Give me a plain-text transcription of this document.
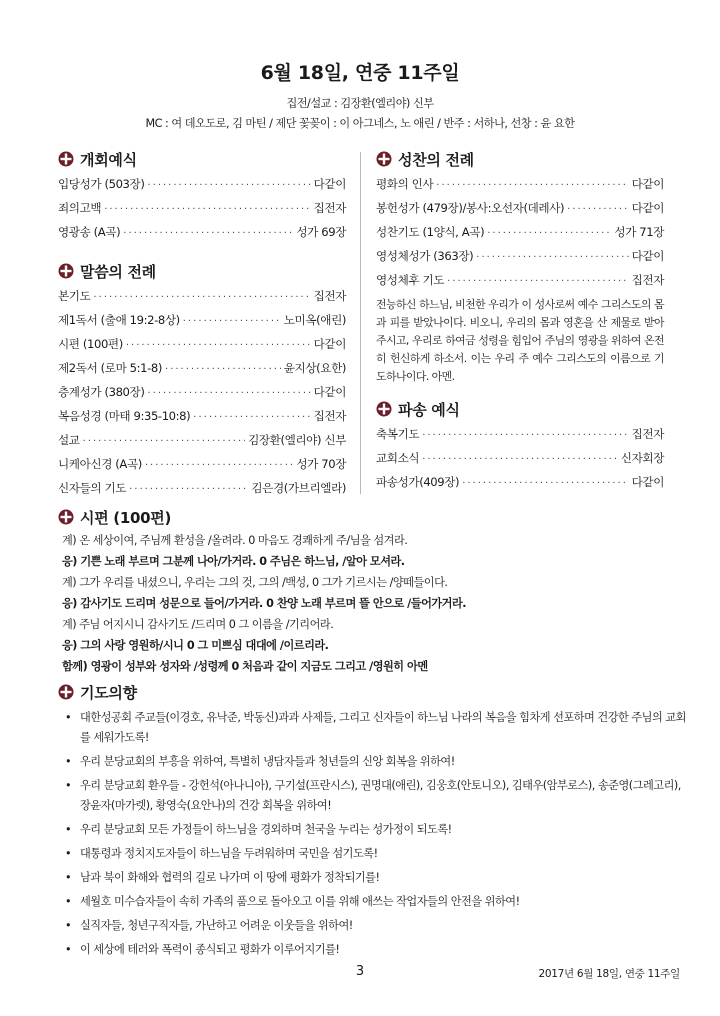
6월 18일, 연중 11주일
집전/설교 : 김장환(엘리야) 신부
MC : 여 데오도로, 김 마틴 / 제단 꽃꽂이 : 이 아그네스, 노 애린 / 반주 : 서하나, 선창 : 윤 요한
개회예식
입당성가 (503장) ·····	다같이
죄의고백 ·····	집전자
영광송 (A곡) ·····	성가 69장
말씀의 전례
본기도 ·····	집전자
제1독서 (출애 19:2-8상) ·····	노미옥(애린)
시편 (100편) ·····	다같이
제2독서 (로마 5:1-8) ·····	윤지상(요한)
층계성가 (380장) ·····	다같이
복음성경 (마태 9:35-10:8) ·····	집전자
설교 ·····	김장환(엘리야) 신부
니케아신경 (A곡) ·····	성가 70장
신자들의 기도 ·····	김은경(가브리엘라)
성찬의 전례
평화의 인사 ·····	다같이
봉헌성가 (479장)/봉사:오선자(데레사) ·····	다같이
성찬기도 (1양식, A곡) ·····	성가 71장
영성체성가 (363장) ·····	다같이
영성체후 기도 ·····	집전자

전능하신 하느님, 비천한 우리가 이 성사로써 예수 그리스도의 몸과 피를 받았나이다. 비오니, 우리의 몸과 영혼을 산 제물로 받아 주시고, 우리로 하여금 성령을 힘입어 주님의 영광을 위하여 온전히 헌신하게 하소서. 이는 우리 주 예수 그리스도의 이름으로 기도하나이다. 아멘.

파송 예식
축복기도 ·····	집전자
교회소식 ·····	신자회장
파송성가(409장) ·····	다같이
시편 (100편)
계) 온 세상이여, 주님께 환성을 /올려라. 0 마음도 경쾌하게 주/님을 섬겨라.
응) 기쁜 노래 부르며 그분께 나아/가거라. 0 주님은 하느님, /알아 모셔라.
계) 그가 우리를 내셨으니, 우리는 그의 것, 그의 /백성, 0 그가 기르시는 /양떼들이다.
응) 감사기도 드리며 성문으로 들어/가거라. 0 찬양 노래 부르며 뜰 안으로 /들어가거라.
계) 주님 어지시니 감사기도 /드리며 0 그 이름을 /기리어라.
응) 그의 사랑 영원하/시니 0 그 미쁘심 대대에 /이르리라.
함께) 영광이 성부와 성자와 /성령께 0 처음과 같이 지금도 그리고 /영원히 아멘
기도의향
• 대한성공회 주교들(이경호, 유낙준, 박동신)과과 사제들, 그리고 신자들이 하느님 나라의 복음을 힘차게 선포하며 건강한 주님의 교회를 세워가도록!
• 우리 분당교회의 부흥을 위하여, 특별히 냉담자들과 청년들의 신앙 회복을 위하여!
• 우리 분당교회 환우들 - 강헌석(아나니아), 구기설(프란시스), 권명대(애린), 김웅호(안토니오), 김태우(암부로스), 송준영(그레고리), 장윤자(마가렛), 황영숙(요안나)의 건강 회복을 위하여!
• 우리 분당교회 모든 가정들이 하느님을 경외하며 천국을 누리는 성가정이 되도록!
• 대통령과 정치지도자들이 하느님을 두려워하며 국민을 섬기도록!
• 남과 북이 화해와 협력의 길로 나가며 이 땅에 평화가 정착되기를!
• 세월호 미수습자들이 속히 가족의 품으로 돌아오고 이를 위해 애쓰는 작업자들의 안전을 위하여!
• 실직자들, 청년구직자들, 가난하고 어려운 이웃들을 위하여!
• 이 세상에 테러와 폭력이 종식되고 평화가 이루어지기를!
3	2017년 6월 18일, 연중 11주일
